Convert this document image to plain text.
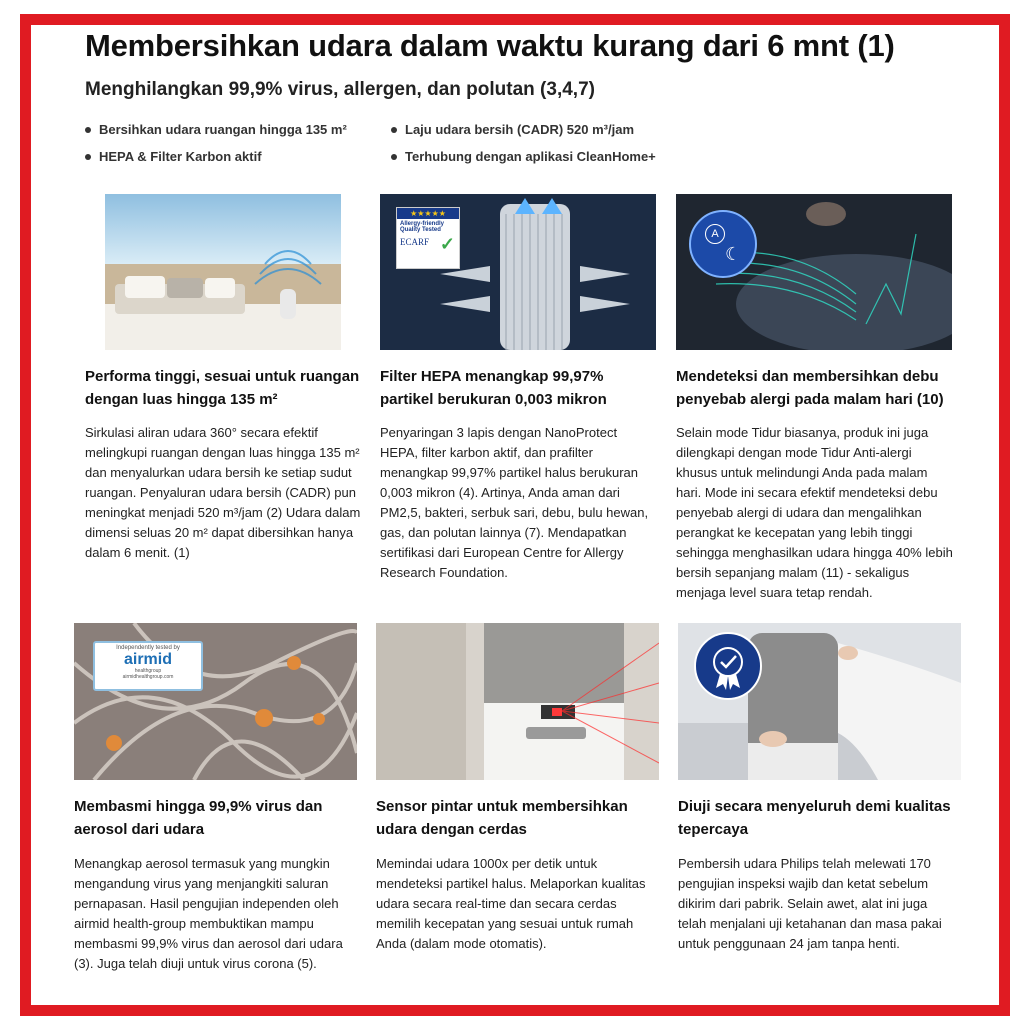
Membersihkan udara dalam waktu kurang dari 6 mnt (1)
Menghilangkan 99,9% virus, allergen, dan polutan (3,4,7)
Bersihkan udara ruangan hingga 135 m²	Laju udara bersih (CADR) 520 m³/jam
HEPA & Filter Karbon aktif	Terhubung dengan aplikasi CleanHome+
★★★★★
Allergy-friendly
Quality Tested
ECARF ✓	A
☾
Independently tested by
airmid
healthgroup
airmidhealthgroup.com
Performa tinggi, sesuai untuk ruangan dengan luas hingga 135 m²
Sirkulasi aliran udara 360° secara efektif melingkupi ruangan dengan luas hingga 135 m² dan menyalurkan udara bersih ke setiap sudut ruangan. Penyaluran udara bersih (CADR) pun meningkat menjadi 520 m³/jam (2) Udara dalam dimensi seluas 20 m² dapat dibersihkan hanya dalam 6 menit. (1)
Filter HEPA menangkap 99,97% partikel berukuran 0,003 mikron
Penyaringan 3 lapis dengan NanoProtect HEPA, filter karbon aktif, dan prafilter menangkap 99,97% partikel halus berukuran 0,003 mikron (4). Artinya, Anda aman dari PM2,5, bakteri, serbuk sari, debu, bulu hewan, gas, dan polutan lainnya (7). Mendapatkan sertifikasi dari European Centre for Allergy Research Foundation.
Mendeteksi dan membersihkan debu penyebab alergi pada malam hari (10)
Selain mode Tidur biasanya, produk ini juga dilengkapi dengan mode Tidur Anti-alergi khusus untuk melindungi Anda pada malam hari. Mode ini secara efektif mendeteksi debu penyebab alergi di udara dan mengalihkan perangkat ke kecepatan yang lebih tinggi sehingga menghasilkan udara hingga 40% lebih bersih sepanjang malam (11) - sekaligus menjaga level suara tetap rendah.
Membasmi hingga 99,9% virus dan aerosol dari udara
Menangkap aerosol termasuk yang mungkin mengandung virus yang menjangkiti saluran pernapasan. Hasil pengujian independen oleh airmid health-group membuktikan mampu membasmi 99,9% virus dan aerosol dari udara (3). Juga telah diuji untuk virus corona (5).
Sensor pintar untuk membersihkan udara dengan cerdas
Memindai udara 1000x per detik untuk mendeteksi partikel halus. Melaporkan kualitas udara secara real-time dan secara cerdas memilih kecepatan yang sesuai untuk rumah Anda (dalam mode otomatis).
Diuji secara menyeluruh demi kualitas tepercaya
Pembersih udara Philips telah melewati 170 pengujian inspeksi wajib dan ketat sebelum dikirim dari pabrik. Selain awet, alat ini juga telah menjalani uji ketahanan dan masa pakai untuk penggunaan 24 jam tanpa henti.
